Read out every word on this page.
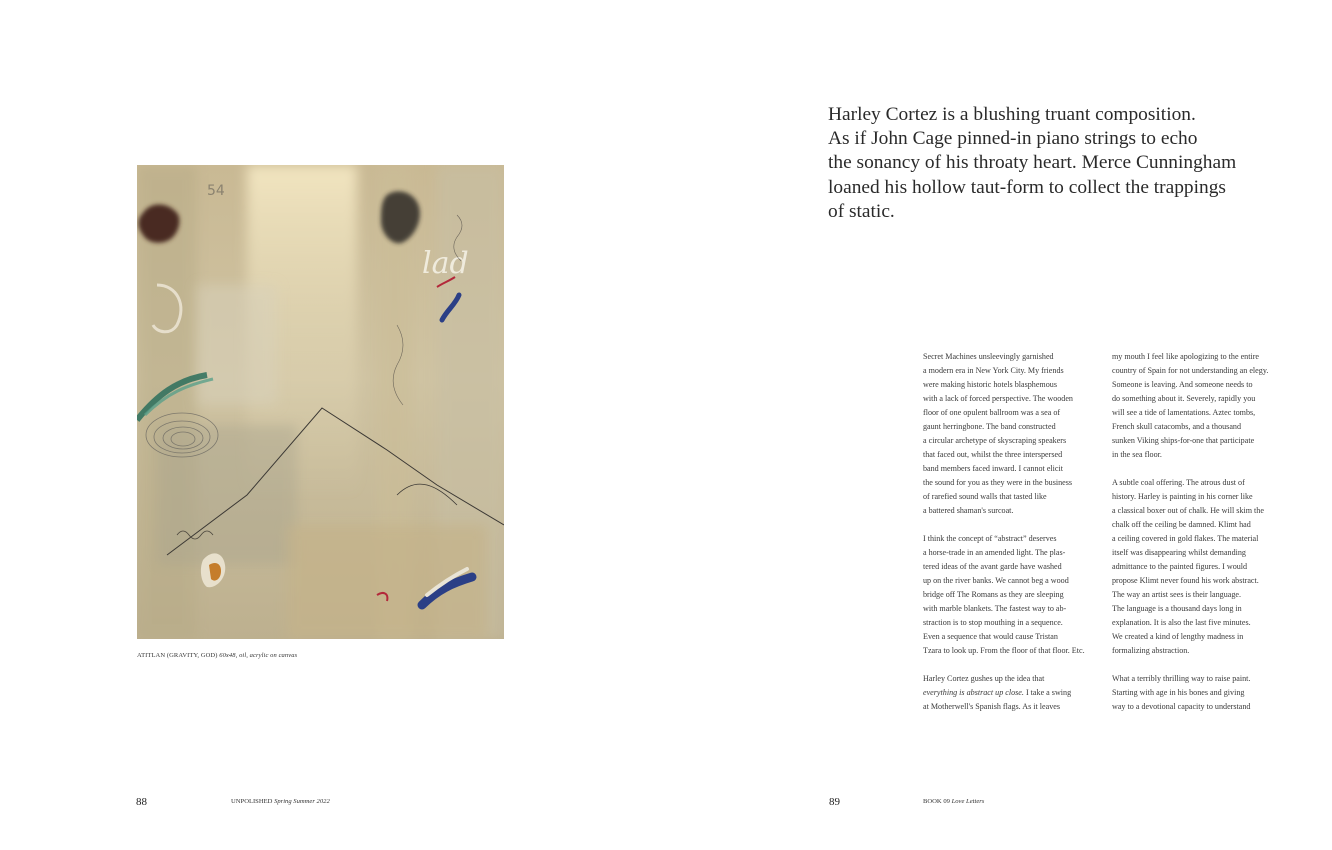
lad
54
ATITLAN (GRAVITY, GOD) 60x48, oil, acrylic on canvas
88	UNPOLISHED Spring Summer 2022
Harley Cortez is a blushing truant composition.
As if John Cage pinned-in piano strings to echo
the sonancy of his throaty heart. Merce Cunningham
loaned his hollow taut-form to collect the trappings
of static.
Secret Machines unsleevingly garnished
a modern era in New York City. My friends
were making historic hotels blasphemous
with a lack of forced perspective. The wooden
floor of one opulent ballroom was a sea of
gaunt herringbone. The band constructed
a circular archetype of skyscraping speakers
that faced out, whilst the three interspersed
band members faced inward. I cannot elicit
the sound for you as they were in the business
of rarefied sound walls that tasted like
a battered shaman's surcoat.
I think the concept of “abstract” deserves
a horse-trade in an amended light. The plas-
tered ideas of the avant garde have washed
up on the river banks. We cannot beg a wood
bridge off The Romans as they are sleeping
with marble blankets. The fastest way to ab-
straction is to stop mouthing in a sequence.
Even a sequence that would cause Tristan
Tzara to look up. From the floor of that floor. Etc.
Harley Cortez gushes up the idea that
everything is abstract up close. I take a swing
at Motherwell's Spanish flags. As it leaves
my mouth I feel like apologizing to the entire
country of Spain for not understanding an elegy.
Someone is leaving. And someone needs to
do something about it. Severely, rapidly you
will see a tide of lamentations. Aztec tombs,
French skull catacombs, and a thousand
sunken Viking ships-for-one that participate
in the sea floor.
A subtle coal offering. The atrous dust of
history. Harley is painting in his corner like
a classical boxer out of chalk. He will skim the
chalk off the ceiling be damned. Klimt had
a ceiling covered in gold flakes. The material
itself was disappearing whilst demanding
admittance to the painted figures. I would
propose Klimt never found his work abstract.
The way an artist sees is their language.
The language is a thousand days long in
explanation. It is also the last five minutes.
We created a kind of lengthy madness in
formalizing abstraction.
What a terribly thrilling way to raise paint.
Starting with age in his bones and giving
way to a devotional capacity to understand
89	BOOK 09 Love Letters
